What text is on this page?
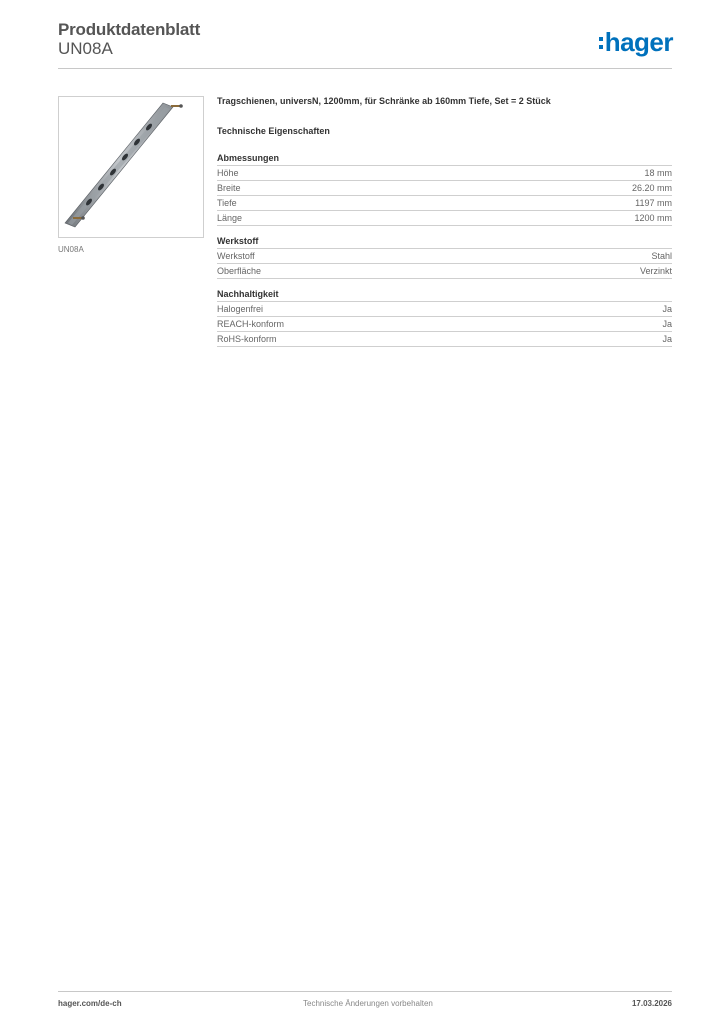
Produktdatenblatt
UN08A	hager
UN08A
Tragschienen, universN, 1200mm, für Schränke ab 160mm Tiefe, Set = 2 Stück
Technische Eigenschaften
Abmessungen
Höhe	18 mm
Breite	26.20 mm
Tiefe	1197 mm
Länge	1200 mm
Werkstoff
Werkstoff	Stahl
Oberfläche	Verzinkt
Nachhaltigkeit
Halogenfrei	Ja
REACH-konform	Ja
RoHS-konform	Ja
hager.com/de-ch	Technische Änderungen vorbehalten	17.03.2026
